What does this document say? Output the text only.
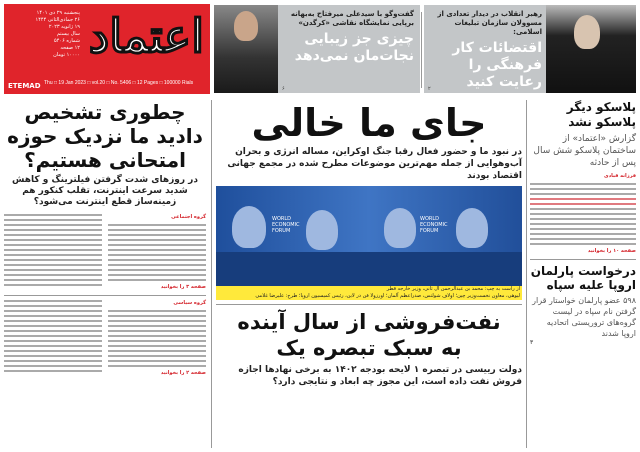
اعتماد
پنجشنبه ۲۹ دی ۱۴۰۱
۲۶ جمادی‌الثانی ۱۴۴۴
۱۹ ژانویه ۲۰۲۳
سال بیستم
شماره ۵۴۰۶
۱۲ صفحه
۱۰۰۰۰ تومان
ETEMAD Thu □ 19 Jan 2023 □ vol.20 □ No. 5406 □ 12 Pages □ 100000 Rials
گفت‌وگو با سیدعلی میرفتاح به‌بهانه برپایی نمایشگاه نقاشی «کرگدن»
چیزی جز زیبایی نجات‌مان نمی‌دهد
۶
رهبر انقلاب در دیدار تعدادی از مسوولان سازمان تبلیغات اسلامی:
اقتضائات کار فرهنگی را رعایت کنید
۲
چطوری تشخیص دادید ما نزدیک حوزه امتحانی هستیم؟
در روزهای شدت گرفتن فیلترینگ و کاهش شدید سرعت اینترنت، تقلب کنکور هم زمینه‌ساز قطع اینترنت می‌شود؟
گروه اجتماعی
صفحه ۳ را بخوانید
گروه سیاسی
صفحه ۲ را بخوانید
جای ما خالی
در نبود ما و حضور فعال رقبا جنگ اوکراین، مساله انرژی و بحران آب‌وهوایی از جمله مهم‌ترین موضوعات مطرح شده در مجمع جهانی اقتصاد بودند
WORLD ECONOMIC FORUM
WORLD ECONOMIC FORUM
از راست به چپ: محمد بن عبدالرحمن آل ثانی، وزیر خارجه قطر
لیوهی، معاون نخست‌وزیر چین؛ اولاف شولتس، صدراعظم آلمان؛ اورزولا فن در لاین، رئیس کمیسیون اروپا؛ طرح: علیرضا غلامی
نفت‌فروشی از سال آینده
به سبک تبصره یک
دولت رییسی در تبصره ۱ لایحه بودجه ۱۴۰۲ به برخی نهادها اجازه فروش نفت داده است، این مجوز چه ابعاد و نتایجی دارد؟
پلاسکو دیگر پلاسکو نشد
گزارش «اعتماد» از ساختمان پلاسکو شش سال پس از حادثه
فرزانه قبادی
صفحه ۱۰ را بخوانید
درخواست پارلمان اروپا علیه سپاه
۵۹۸ عضو پارلمان خواستار قرار گرفتن نام سپاه در لیست گروه‌های تروریستی اتحادیه اروپا شدند
۳
